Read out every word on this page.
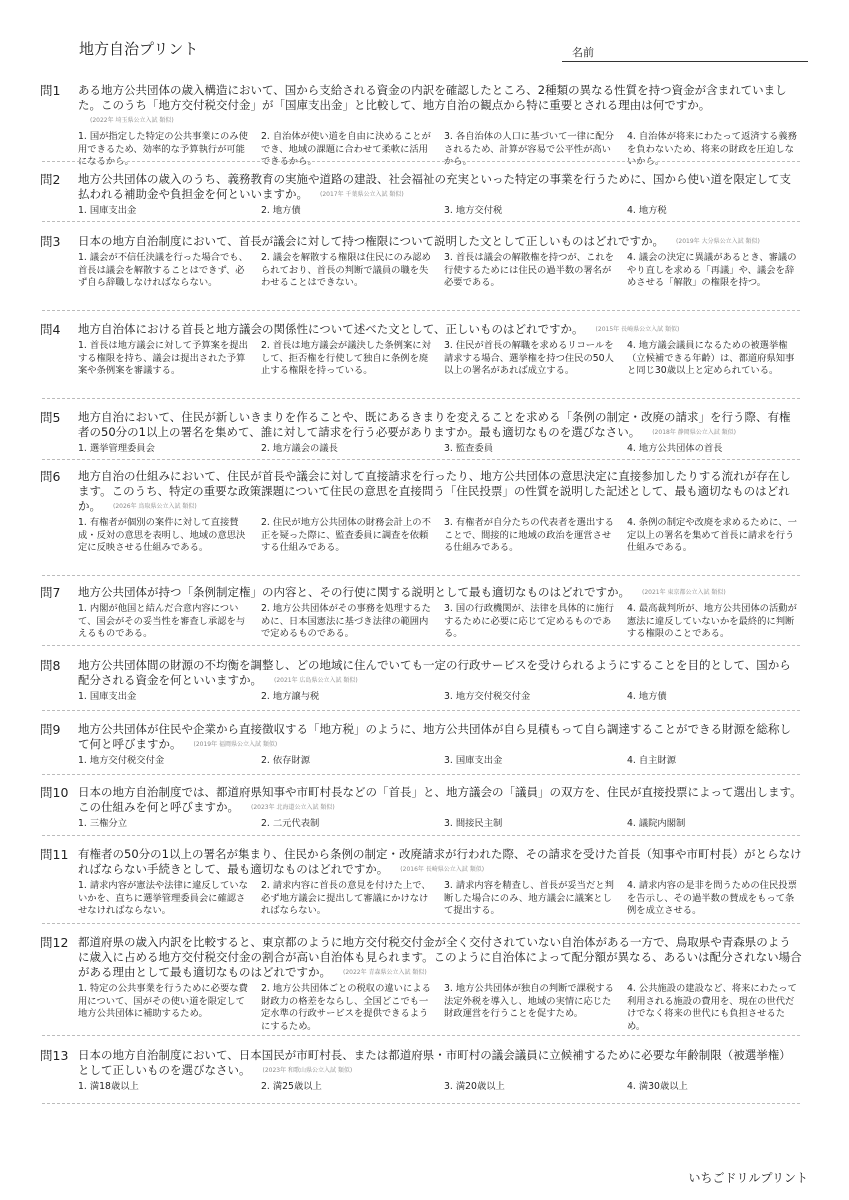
地方自治プリント	名前
問1 ある地方公共団体の歳入構造において、国から支給される資金の内訳を確認したところ、2種類の異なる性質を持つ資金が含まれていました。このうち「地方交付税交付金」が「国庫支出金」と比較して、地方自治の観点から特に重要とされる理由は何ですか。(2022年 埼玉県公立入試 類似)
1. 国が指定した特定の公共事業にのみ使用できるため、効率的な予算執行が可能になるから。
2. 自治体が使い道を自由に決めることができ、地域の課題に合わせて柔軟に活用できるから。
3. 各自治体の人口に基づいて一律に配分されるため、計算が容易で公平性が高いから。
4. 自治体が将来にわたって返済する義務を負わないため、将来の財政を圧迫しないから。
問2 地方公共団体の歳入のうち、義務教育の実施や道路の建設、社会福祉の充実といった特定の事業を行うために、国から使い道を限定して支払われる補助金や負担金を何といいますか。 (2017年 千葉県公立入試 類似)
1. 国庫支出金	2. 地方債	3. 地方交付税	4. 地方税
問3 日本の地方自治制度において、首長が議会に対して持つ権限について説明した文として正しいものはどれですか。 (2019年 大分県公立入試 類似)
1. 議会が不信任決議を行った場合でも、首長は議会を解散することはできず、必ず自ら辞職しなければならない。
2. 議会を解散する権限は住民にのみ認められており、首長の判断で議員の職を失わせることはできない。
3. 首長は議会の解散権を持つが、これを行使するためには住民の過半数の署名が必要である。
4. 議会の決定に異議があるとき、審議のやり直しを求める「再議」や、議会を辞めさせる「解散」の権限を持つ。
問4 地方自治体における首長と地方議会の関係性について述べた文として、正しいものはどれですか。 (2015年 長崎県公立入試 類似)
1. 首長は地方議会に対して予算案を提出する権限を持ち、議会は提出された予算案や条例案を審議する。
2. 首長は地方議会が議決した条例案に対して、拒否権を行使して独自に条例を廃止する権限を持っている。
3. 住民が首長の解職を求めるリコールを請求する場合、選挙権を持つ住民の50人以上の署名があれば成立する。
4. 地方議会議員になるための被選挙権（立候補できる年齢）は、都道府県知事と同じ30歳以上と定められている。
問5 地方自治において、住民が新しいきまりを作ることや、既にあるきまりを変えることを求める「条例の制定・改廃の請求」を行う際、有権者の50分の1以上の署名を集めて、誰に対して請求を行う必要がありますか。最も適切なものを選びなさい。 (2018年 静岡県公立入試 類似)
1. 選挙管理委員会	2. 地方議会の議長	3. 監査委員	4. 地方公共団体の首長
問6 地方自治の仕組みにおいて、住民が首長や議会に対して直接請求を行ったり、地方公共団体の意思決定に直接参加したりする流れが存在します。このうち、特定の重要な政策課題について住民の意思を直接問う「住民投票」の性質を説明した記述として、最も適切なものはどれか。 (2026年 鳥取県公立入試 類似)
1. 有権者が個別の案件に対して直接賛成・反対の意思を表明し、地域の意思決定に反映させる仕組みである。
2. 住民が地方公共団体の財務会計上の不正を疑った際に、監査委員に調査を依頼する仕組みである。
3. 有権者が自分たちの代表者を選出することで、間接的に地域の政治を運営させる仕組みである。
4. 条例の制定や改廃を求めるために、一定以上の署名を集めて首長に請求を行う仕組みである。
問7 地方公共団体が持つ「条例制定権」の内容と、その行使に関する説明として最も適切なものはどれですか。 (2021年 東京都公立入試 類似)
1. 内閣が他国と結んだ合意内容について、国会がその妥当性を審査し承認を与えるものである。
2. 地方公共団体がその事務を処理するために、日本国憲法に基づき法律の範囲内で定めるものである。
3. 国の行政機関が、法律を具体的に施行するために必要に応じて定めるものである。
4. 最高裁判所が、地方公共団体の活動が憲法に違反していないかを最終的に判断する権限のことである。
問8 地方公共団体間の財源の不均衡を調整し、どの地域に住んでいても一定の行政サービスを受けられるようにすることを目的として、国から配分される資金を何といいますか。 (2021年 広島県公立入試 類似)
1. 国庫支出金	2. 地方譲与税	3. 地方交付税交付金	4. 地方債
問9 地方公共団体が住民や企業から直接徴収する「地方税」のように、地方公共団体が自ら見積もって自ら調達することができる財源を総称して何と呼びますか。 (2019年 福岡県公立入試 類似)
1. 地方交付税交付金	2. 依存財源	3. 国庫支出金	4. 自主財源
問10 日本の地方自治制度では、都道府県知事や市町村長などの「首長」と、地方議会の「議員」の双方を、住民が直接投票によって選出します。この仕組みを何と呼びますか。 (2023年 北海道公立入試 類似)
1. 三権分立	2. 二元代表制	3. 間接民主制	4. 議院内閣制
問11 有権者の50分の1以上の署名が集まり、住民から条例の制定・改廃請求が行われた際、その請求を受けた首長（知事や市町村長）がとらなければならない手続きとして、最も適切なものはどれですか。 (2016年 長崎県公立入試 類似)
1. 請求内容が憲法や法律に違反していないかを、直ちに選挙管理委員会に確認させなければならない。
2. 請求内容に首長の意見を付けた上で、必ず地方議会に提出して審議にかけなければならない。
3. 請求内容を精査し、首長が妥当だと判断した場合にのみ、地方議会に議案として提出する。
4. 請求内容の是非を問うための住民投票を告示し、その過半数の賛成をもって条例を成立させる。
問12 都道府県の歳入内訳を比較すると、東京都のように地方交付税交付金が全く交付されていない自治体がある一方で、鳥取県や青森県のように歳入に占める地方交付税交付金の割合が高い自治体も見られます。このように自治体によって配分額が異なる、あるいは配分されない場合がある理由として最も適切なものはどれですか。 (2022年 青森県公立入試 類似)
1. 特定の公共事業を行うために必要な費用について、国がその使い道を限定して地方公共団体に補助するため。
2. 地方公共団体ごとの税収の違いによる財政力の格差をならし、全国どこでも一定水準の行政サービスを提供できるようにするため。
3. 地方公共団体が独自の判断で課税する法定外税を導入し、地域の実情に応じた財政運営を行うことを促すため。
4. 公共施設の建設など、将来にわたって利用される施設の費用を、現在の世代だけでなく将来の世代にも負担させるため。
問13 日本の地方自治制度において、日本国民が市町村長、または都道府県・市町村の議会議員に立候補するために必要な年齢制限（被選挙権）として正しいものを選びなさい。 (2023年 和歌山県公立入試 類似)
1. 満18歳以上	2. 満25歳以上	3. 満20歳以上	4. 満30歳以上
いちごドリルプリント
